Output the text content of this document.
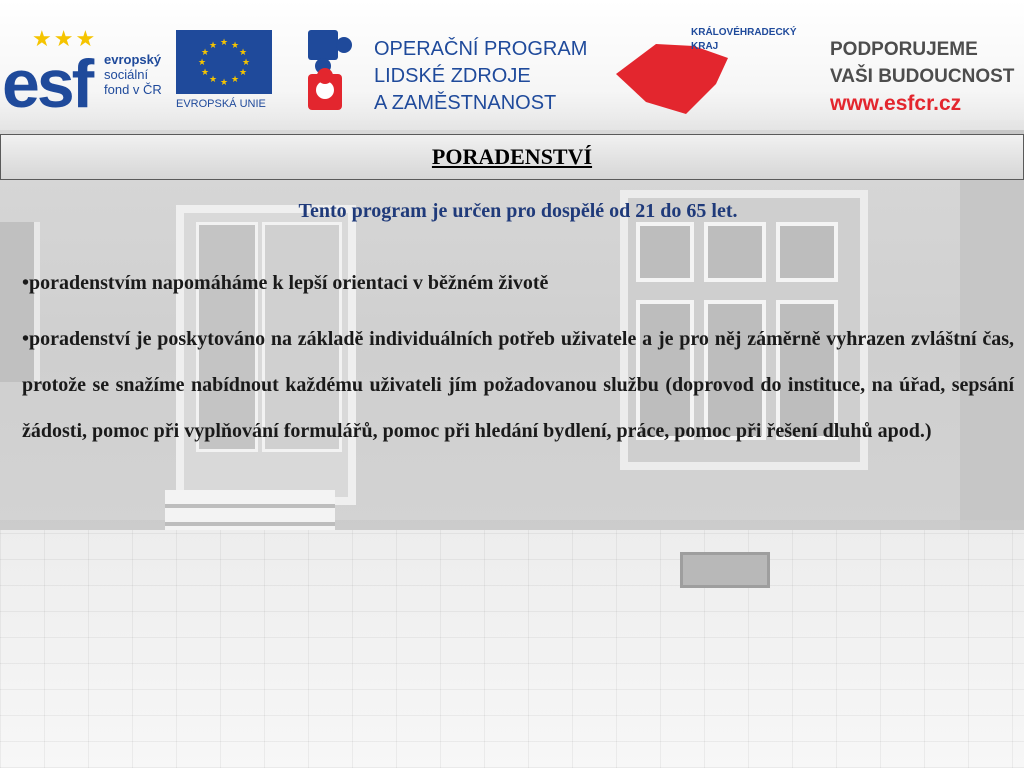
★★★
esf evropský
sociální
fond v ČR
★ ★
★
★
★
★
★
★
★
★
★
★
EVROPSKÁ UNIE
OPERAČNÍ PROGRAM
LIDSKÉ ZDROJE
A ZAMĚSTNANOST
KRÁLOVÉHRADECKÝ
KRAJ	PODPORUJEME
VAŠI BUDOUCNOST
www.esfcr.cz
PORADENSTVÍ
Tento program je určen pro dospělé od 21 do 65 let.

•poradenstvím napomáháme k lepší orientaci v běžném životě

•poradenství je poskytováno na základě individuálních potřeb uživatele a je pro něj záměrně vyhrazen zvláštní čas, protože se snažíme nabídnout každému uživateli jím požadovanou službu (doprovod do instituce, na úřad, sepsání žádosti, pomoc při vyplňování formulářů, pomoc při hledání bydlení, práce, pomoc při řešení dluhů apod.)
